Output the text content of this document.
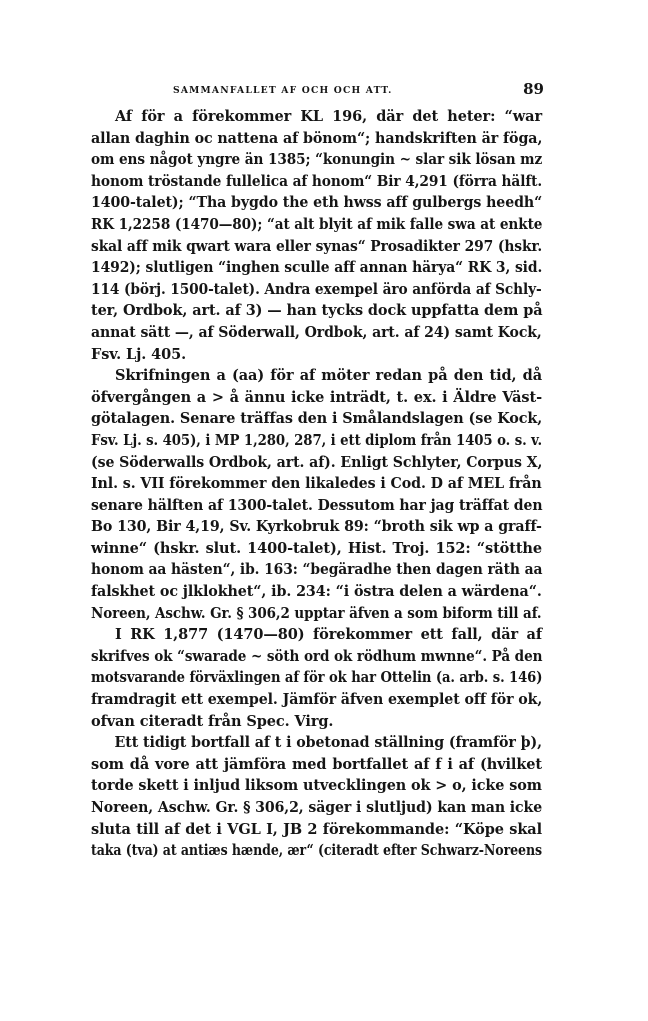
SAMMANFALLET AF OCH OCH ATT.	89
Af för a förekommer KL 196, där det heter: “war
allan daghin oc nattena af bönom“; handskriften är föga,
om ens något yngre än 1385; “konungin ~ slar sik lösan mz
honom tröstande fullelica af honom“ Bir 4,291 (förra hälft.
1400-talet); “Tha bygdo the eth hwss aff gulbergs heedh“
RK 1,2258 (1470—80); “at alt blyit af mik falle swa at enkte
skal aff mik qwart wara eller synas“ Prosadikter 297 (hskr.
1492); slutligen “inghen sculle aff annan härya“ RK 3, sid.
114 (börj. 1500-talet). Andra exempel äro anförda af Schly-
ter, Ordbok, art. af 3) — han tycks dock uppfatta dem på
annat sätt —, af Söderwall, Ordbok, art. af 24) samt Kock,
Fsv. Lj. 405.
Skrifningen a (aa) för af möter redan på den tid, då
öfvergången a > å ännu icke inträdt, t. ex. i Äldre Väst-
götalagen. Senare träffas den i Smålandslagen (se Kock,
Fsv. Lj. s. 405), i MP 1,280, 287, i ett diplom från 1405 o. s. v.
(se Söderwalls Ordbok, art. af). Enligt Schlyter, Corpus X,
Inl. s. VII förekommer den likaledes i Cod. D af MEL från
senare hälften af 1300-talet. Dessutom har jag träffat den
Bo 130, Bir 4,19, Sv. Kyrkobruk 89: “broth sik wp a graff-
winne“ (hskr. slut. 1400-talet), Hist. Troj. 152: “stötthe
honom aa hästen“, ib. 163: “begäradhe then dagen räth aa
falskhet oc jlklokhet“, ib. 234: “i östra delen a wärdena“.
Noreen, Aschw. Gr. § 306,2 upptar äfven a som biform till af.
I RK 1,877 (1470—80) förekommer ett fall, där af
skrifves ok “swarade ~ söth ord ok rödhum mwnne“. På den
motsvarande förväxlingen af för ok har Ottelin (a. arb. s. 146)
framdragit ett exempel. Jämför äfven exemplet off för ok,
ofvan citeradt från Spec. Virg.
Ett tidigt bortfall af t i obetonad ställning (framför þ),
som då vore att jämföra med bortfallet af f i af (hvilket
torde skett i inljud liksom utvecklingen ok > o, icke som
Noreen, Aschw. Gr. § 306,2, säger i slutljud) kan man icke
sluta till af det i VGL I, JB 2 förekommande: “Köpe skal
taka (tva) at antiæs hænde, ær“ (citeradt efter Schwarz-Noreens
